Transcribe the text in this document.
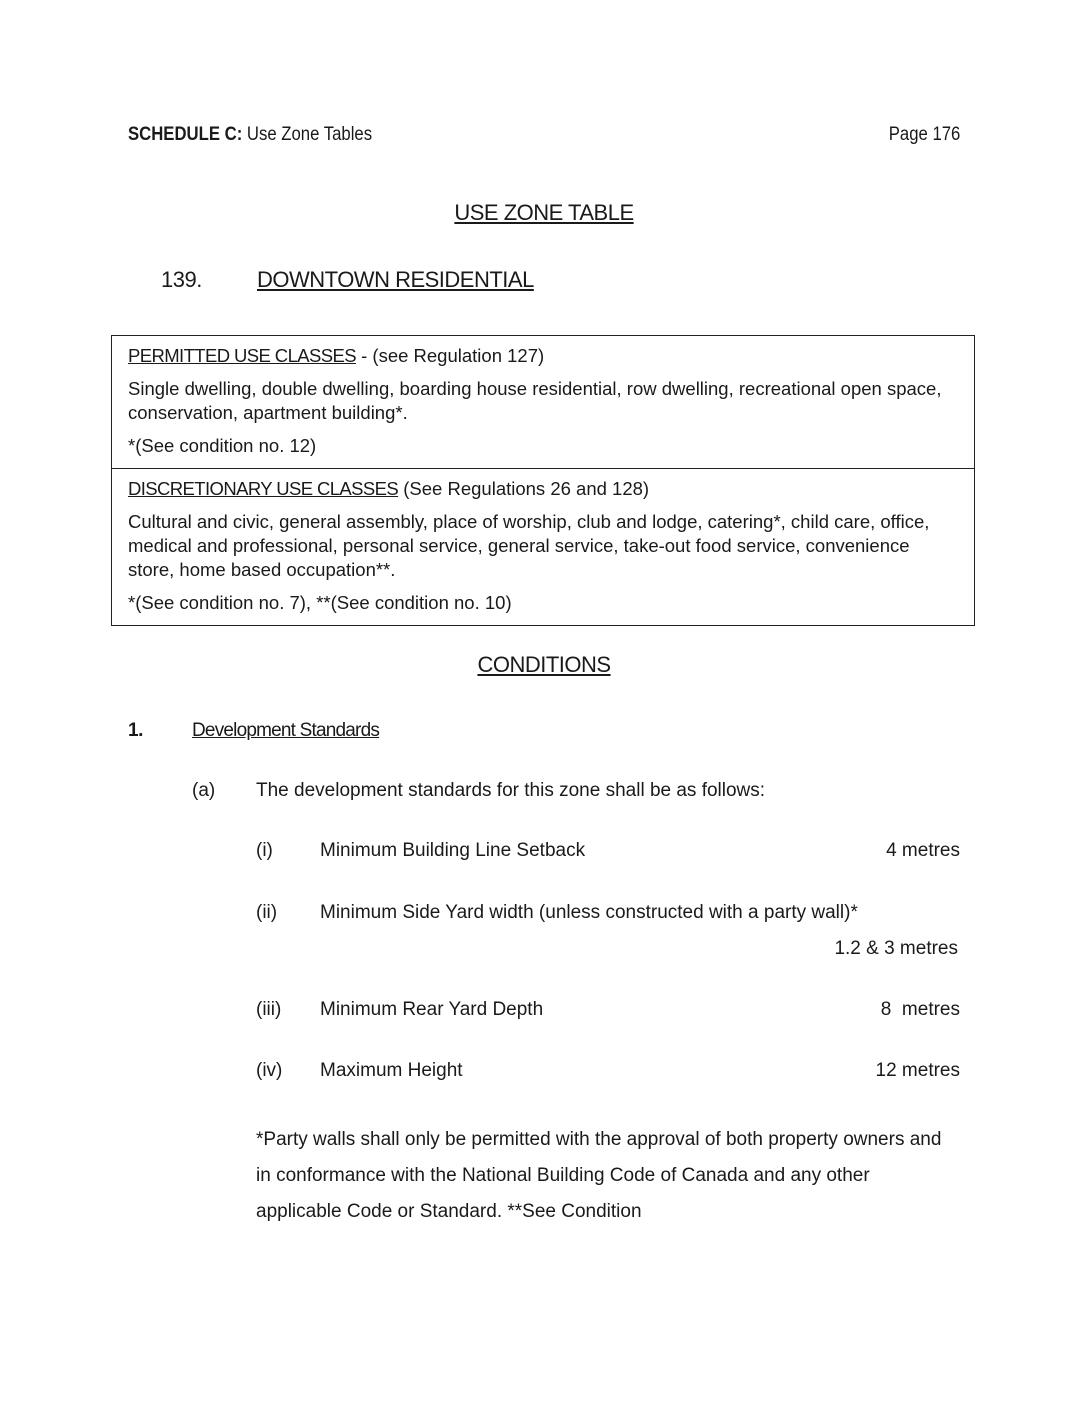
SCHEDULE C: Use Zone Tables	Page 176
USE ZONE TABLE
139.	DOWNTOWN RESIDENTIAL

PERMITTED USE CLASSES - (see Regulation 127)

Single dwelling, double dwelling, boarding house residential, row dwelling, recreational open space, conservation, apartment building*.

*(See condition no. 12)

DISCRETIONARY USE CLASSES (See Regulations 26 and 128)

Cultural and civic, general assembly, place of worship, club and lodge, catering*, child care, office, medical and professional, personal service, general service, take-out food service, convenience store, home based occupation**.

*(See condition no. 7), **(See condition no. 10)

CONDITIONS
1.	Development Standards
(a) The development standards for this zone shall be as follows:
(i) Minimum Building Line Setback	4 metres
(ii) Minimum Side Yard width (unless constructed with a party wall)*
1.2 & 3 metres
(iii) Minimum Rear Yard Depth	8  metres
(iv) Maximum Height	12 metres
*Party walls shall only be permitted with the approval of both property owners and in conformance with the National Building Code of Canada and any other applicable Code or Standard. **See Condition
